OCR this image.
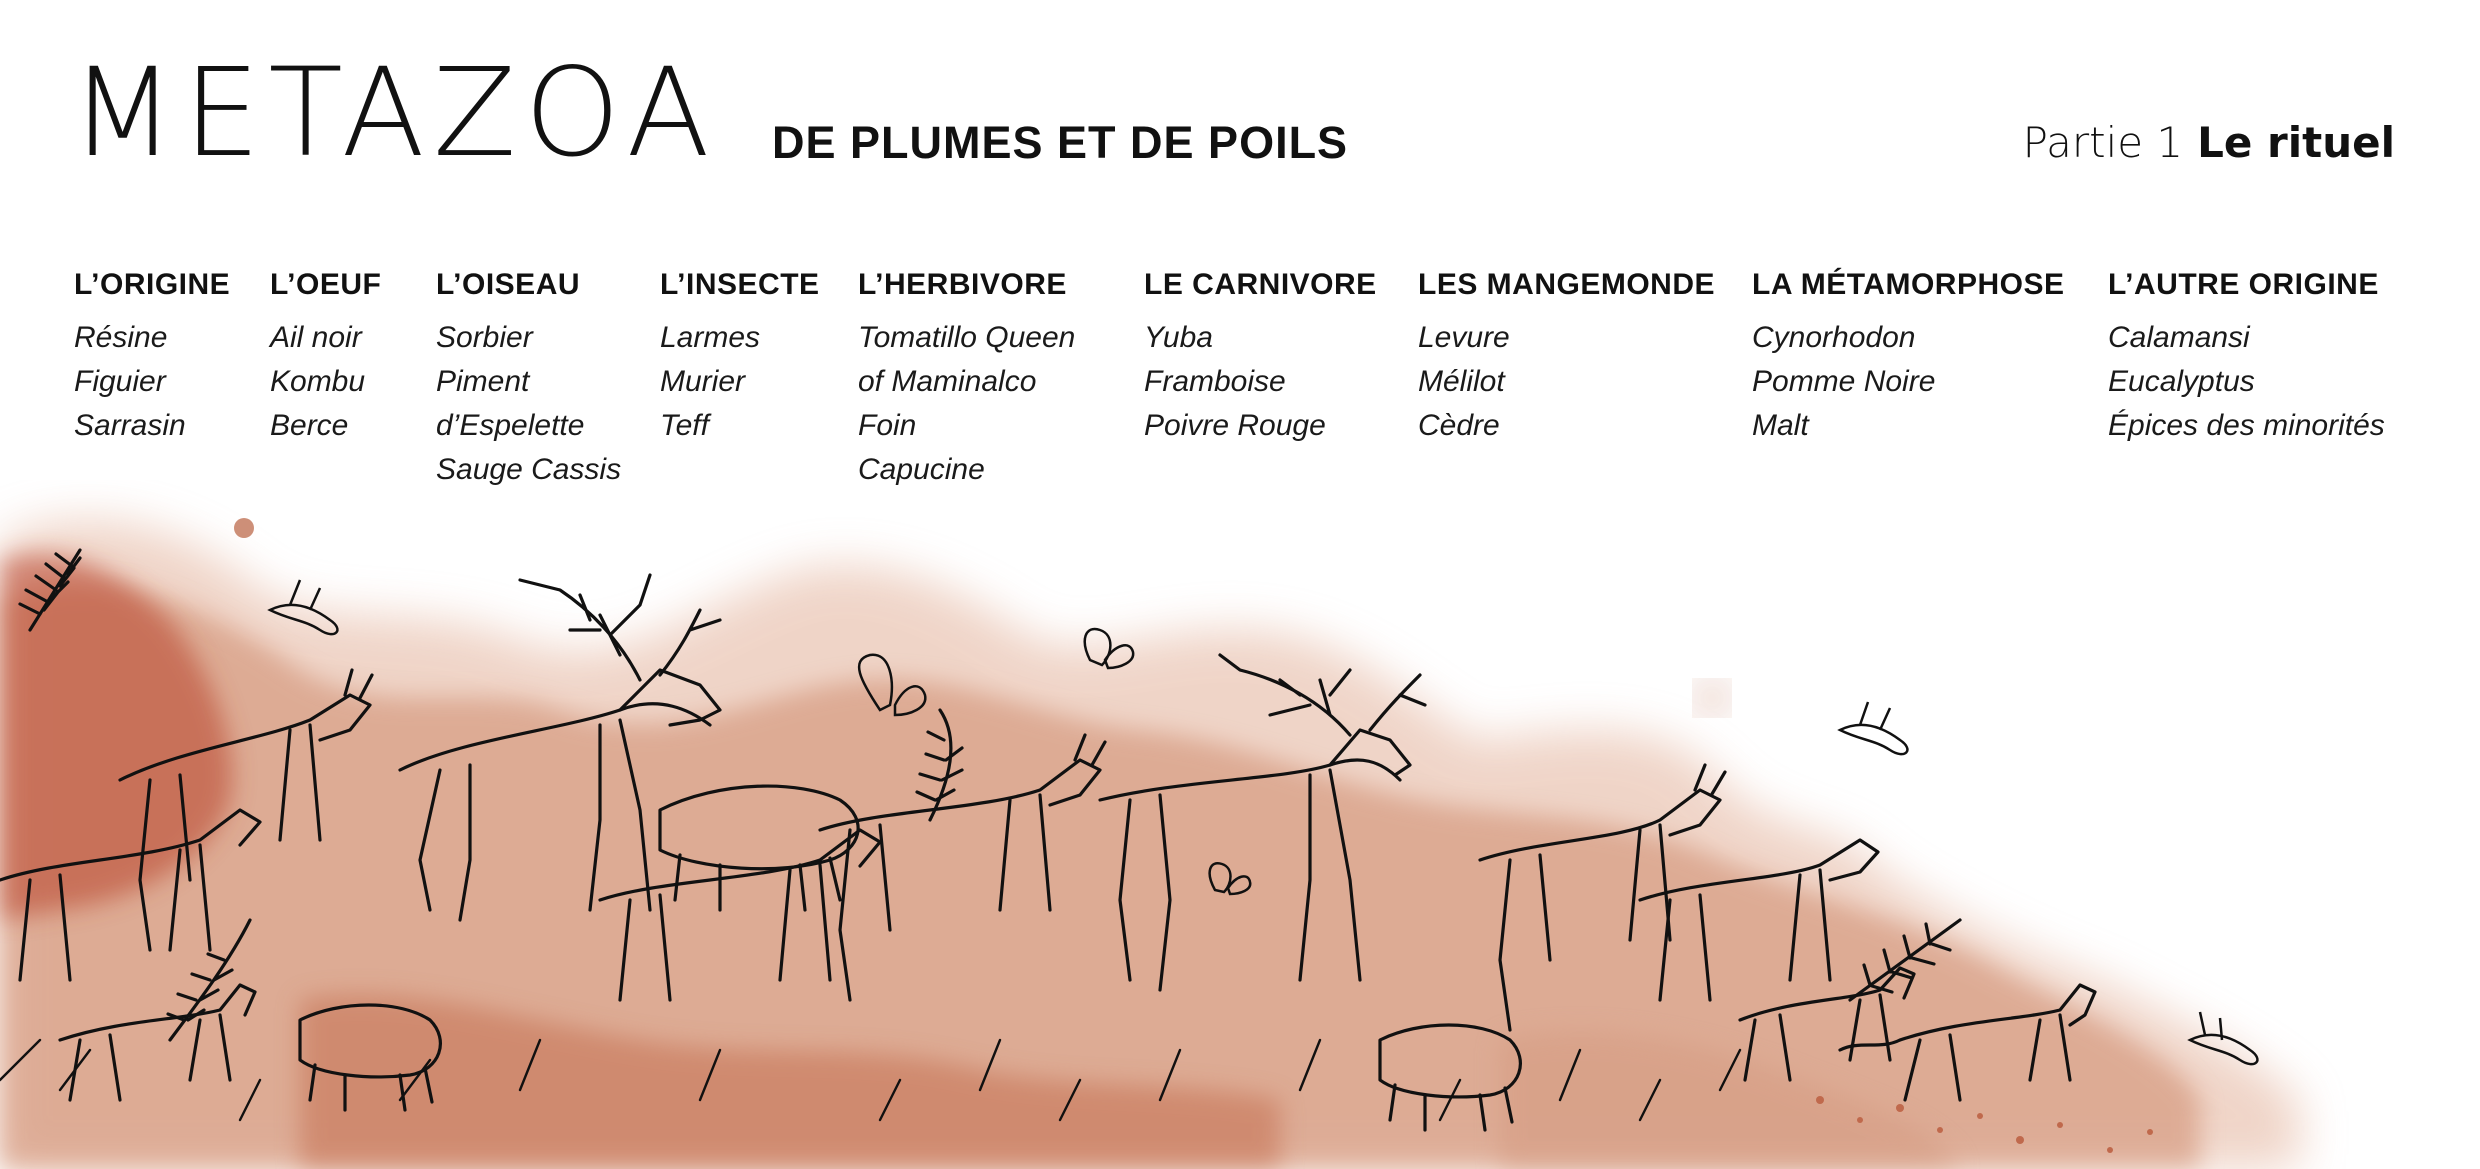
METAZOA DE PLUMES ET DE POILS	Partie 1 Le rituel
L’ORIGINE
Résine
Figuier
Sarrasin
L’OEUF
Ail noir
Kombu
Berce
L’OISEAU
Sorbier
Piment
d’Espelette
Sauge Cassis
L’INSECTE
Larmes
Murier
Teff
L’HERBIVORE
Tomatillo Queen
of Maminalco
Foin
Capucine
LE CARNIVORE
Yuba
Framboise
Poivre Rouge
LES MANGEMONDE
Levure
Mélilot
Cèdre
LA MÉTAMORPHOSE
Cynorhodon
Pomme Noire
Malt
L’AUTRE ORIGINE
Calamansi
Eucalyptus
Épices des minorités
